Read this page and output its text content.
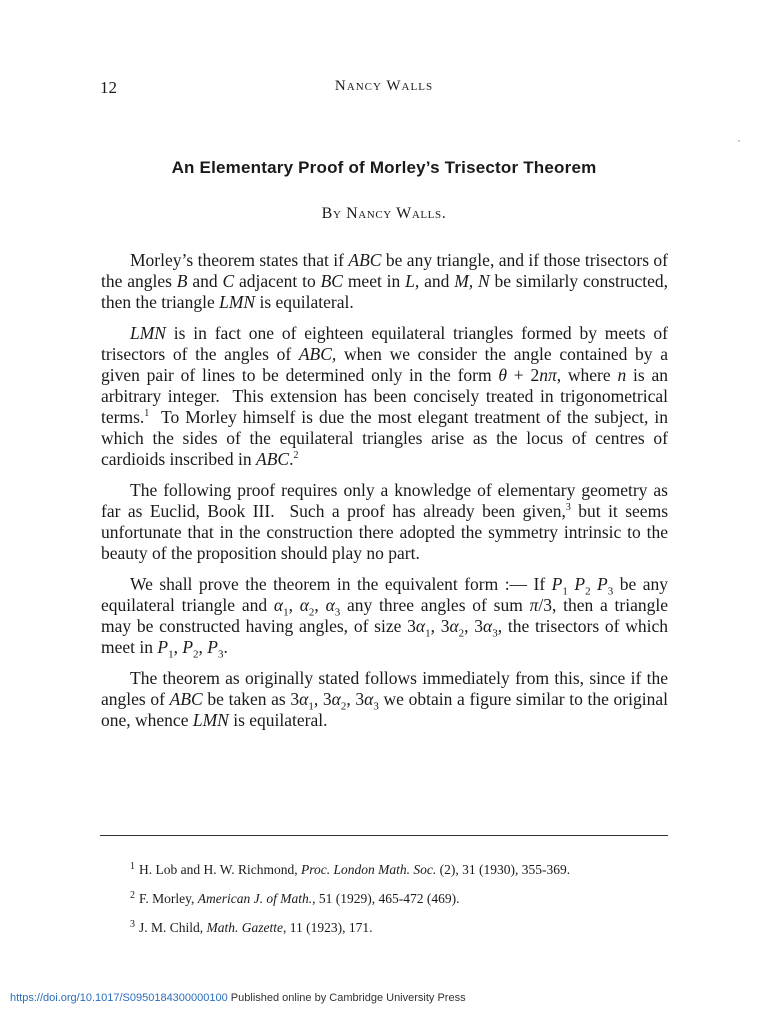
12	Nancy Walls
An Elementary Proof of Morley’s Trisector Theorem
By Nancy Walls.

Morley’s theorem states that if ABC be any triangle, and if those trisectors of the angles B and C adjacent to BC meet in L, and M, N be similarly constructed, then the triangle LMN is equilateral.

LMN is in fact one of eighteen equilateral triangles formed by meets of trisectors of the angles of ABC, when we consider the angle contained by a given pair of lines to be determined only in the form θ + 2nπ, where n is an arbitrary integer.  This extension has been concisely treated in trigonometrical terms.$^1$  To Morley himself is due the most elegant treatment of the subject, in which the sides of the equilateral triangles arise as the locus of centres of cardioids inscribed in ABC.$^2$

The following proof requires only a knowledge of elementary geometry as far as Euclid, Book III.  Such a proof has already been given,$^3$ but it seems unfortunate that in the construction there adopted the symmetry intrinsic to the beauty of the proposition should play no part.

We shall prove the theorem in the equivalent form :— If $P_1$ $P_2$ $P_3$ be any equilateral triangle and $\alpha_1$, $\alpha_2$, $\alpha_3$ any three angles of sum π/3, then a triangle may be constructed having angles, of size $3\alpha_1$, $3\alpha_2$, $3\alpha_3$, the trisectors of which meet in $P_1$, $P_2$, $P_3$.

The theorem as originally stated follows immediately from this, since if the angles of ABC be taken as $3\alpha_1$, $3\alpha_2$, $3\alpha_3$ we obtain a figure similar to the original one, whence LMN is equilateral.

$^1$ H. Lob and H. W. Richmond, Proc. London Math. Soc. (2), 31 (1930), 355-369.

$^2$ F. Morley, American J. of Math., 51 (1929), 465-472 (469).

$^3$ J. M. Child, Math. Gazette, 11 (1923), 171.

https://doi.org/10.1017/S0950184300000100 Published online by Cambridge University Press
